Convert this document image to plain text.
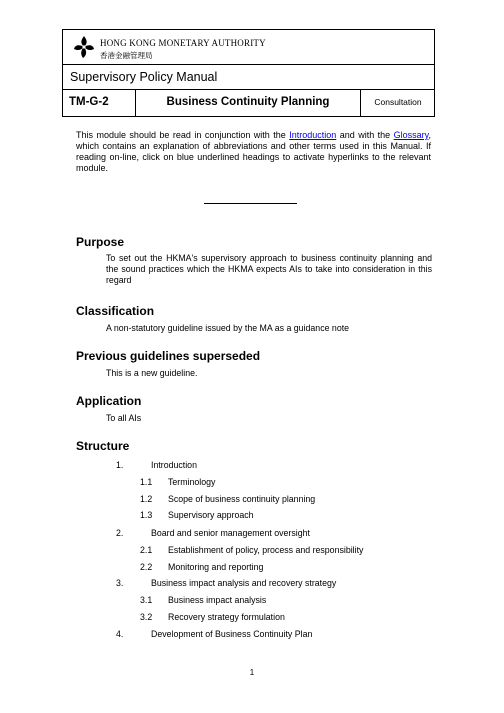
HONG KONG MONETARY AUTHORITY
香港金融管理局
Supervisory Policy Manual
TM-G-2	Business Continuity Planning	Consultation
This module should be read in conjunction with the Introduction and with the Glossary, which contains an explanation of abbreviations and other terms used in this Manual. If reading on-line, click on blue underlined headings to activate hyperlinks to the relevant module.
Purpose
To set out the HKMA's supervisory approach to business continuity planning and the sound practices which the HKMA expects AIs to take into consideration in this regard
Classification
A non-statutory guideline issued by the MA as a guidance note
Previous guidelines superseded
This is a new guideline.
Application
To all AIs
Structure
1.	Introduction
1.1 Terminology
1.2 Scope of business continuity planning
1.3 Supervisory approach
2.	Board and senior management oversight
2.1 Establishment of policy, process and responsibility
2.2 Monitoring and reporting
3.	Business impact analysis and recovery strategy
3.1 Business impact analysis
3.2 Recovery strategy formulation
4.	Development of Business Continuity Plan
1
